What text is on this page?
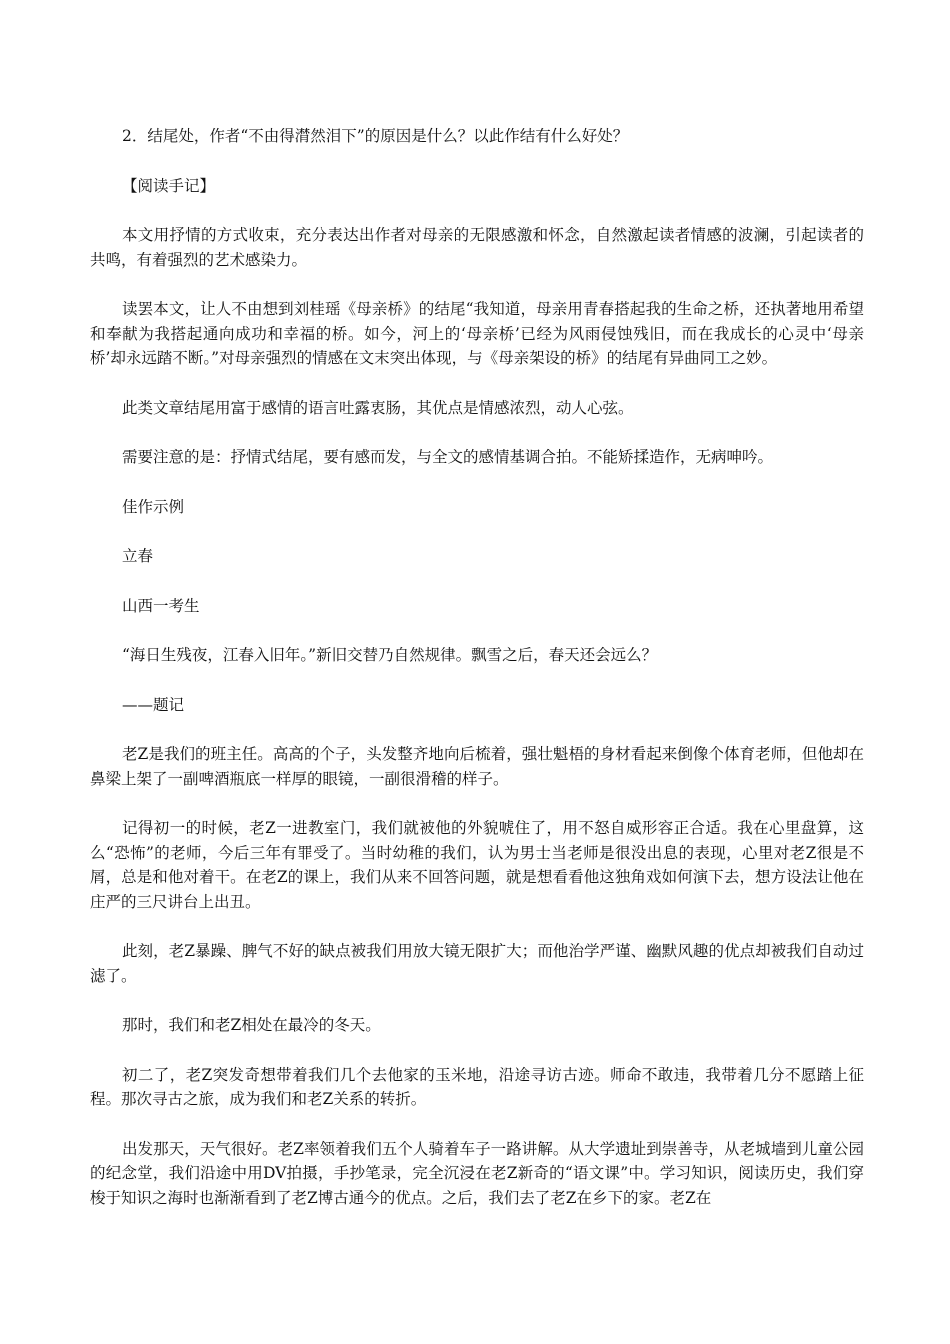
2．结尾处，作者“不由得潸然泪下”的原因是什么？以此作结有什么好处？

【阅读手记】

本文用抒情的方式收束，充分表达出作者对母亲的无限感激和怀念，自然激起读者情感的波澜，引起读者的共鸣，有着强烈的艺术感染力。

读罢本文，让人不由想到刘桂瑶《母亲桥》的结尾“我知道，母亲用青春搭起我的生命之桥，还执著地用希望和奉献为我搭起通向成功和幸福的桥。如今，河上的‘母亲桥’已经为风雨侵蚀残旧，而在我成长的心灵中‘母亲桥’却永远踏不断。”对母亲强烈的情感在文末突出体现，与《母亲架设的桥》的结尾有异曲同工之妙。

此类文章结尾用富于感情的语言吐露衷肠，其优点是情感浓烈，动人心弦。

需要注意的是：抒情式结尾，要有感而发，与全文的感情基调合拍。不能矫揉造作，无病呻吟。

佳作示例

立春

山西一考生

“海日生残夜，江春入旧年。”新旧交替乃自然规律。飘雪之后，春天还会远么？

——题记

老Z是我们的班主任。高高的个子，头发整齐地向后梳着，强壮魁梧的身材看起来倒像个体育老师，但他却在鼻梁上架了一副啤酒瓶底一样厚的眼镜，一副很滑稽的样子。

记得初一的时候，老Z一进教室门，我们就被他的外貌唬住了，用不怒自威形容正合适。我在心里盘算，这么“恐怖”的老师，今后三年有罪受了。当时幼稚的我们，认为男士当老师是很没出息的表现，心里对老Z很是不屑，总是和他对着干。在老Z的课上，我们从来不回答问题，就是想看看他这独角戏如何演下去，想方设法让他在庄严的三尺讲台上出丑。

此刻，老Z暴躁、脾气不好的缺点被我们用放大镜无限扩大；而他治学严谨、幽默风趣的优点却被我们自动过滤了。

那时，我们和老Z相处在最冷的冬天。

初二了，老Z突发奇想带着我们几个去他家的玉米地，沿途寻访古迹。师命不敢违，我带着几分不愿踏上征程。那次寻古之旅，成为我们和老Z关系的转折。

出发那天，天气很好。老Z率领着我们五个人骑着车子一路讲解。从大学遗址到崇善寺，从老城墙到儿童公园的纪念堂，我们沿途中用DV拍摄，手抄笔录，完全沉浸在老Z新奇的“语文课”中。学习知识，阅读历史，我们穿梭于知识之海时也渐渐看到了老Z博古通今的优点。之后，我们去了老Z在乡下的家。老Z在
